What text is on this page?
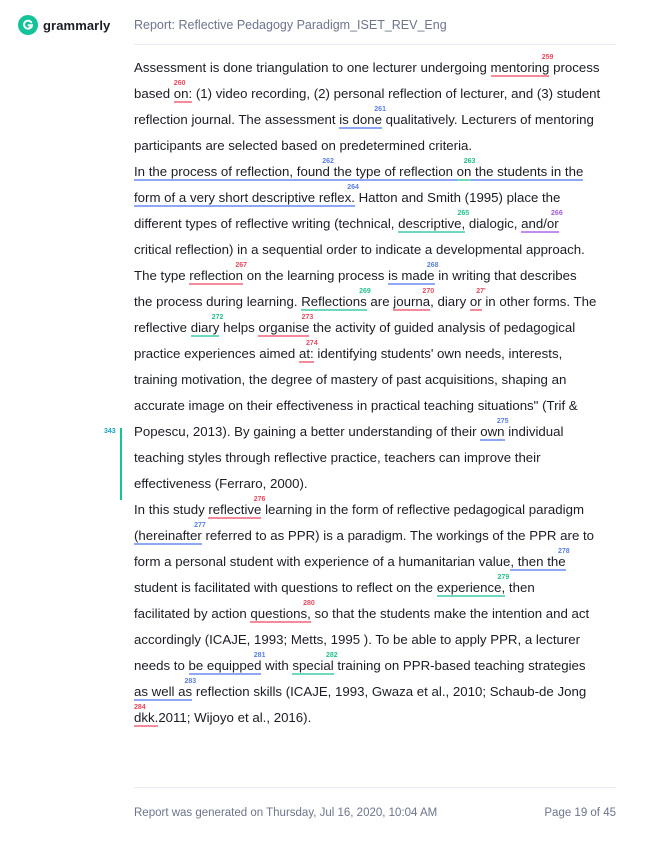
grammarly Report: Reflective Pedagogy Paradigm_ISET_REV_Eng
343
Assessment is done triangulation to one lecturer undergoing mentoring
259
process
based on:
260
(1) video recording, (2) personal reflection of lecturer, and (3) student
reflection journal. The assessment is done
261
qualitatively. Lecturers of mentoring
participants are selected based on predetermined criteria.
In the process of reflection, found
262
the type of reflection on
263
the students in the
form of a very short descriptive reflex.
264
Hatton and Smith (1995) place the
different types of reflective writing (technical, descriptive,
265
dialogic, and/or
266
critical reflection) in a sequential order to indicate a developmental approach.
The type reflection
267
on the learning process is made
268
in writing that describes
the process during learning. Reflections
269
are journa
270
, diary or
27'
in other forms. The
reflective diary
272
helps organise
273
the activity of guided analysis of pedagogical
practice experiences aimed at:
274
identifying students' own needs, interests,
training motivation, the degree of mastery of past acquisitions, shaping an
accurate image on their effectiveness in practical teaching situations" (Trif &
Popescu, 2013). By gaining a better understanding of their own
275
individual
teaching styles through reflective practice, teachers can improve their
effectiveness (Ferraro, 2000).
In this study reflective
276
learning in the form of reflective pedagogical paradigm
(hereinafter
277
referred to as PPR) is a paradigm. The workings of the PPR are to
form a personal student with experience of a humanitarian value, then the
278
student is facilitated with questions to reflect on the experience,
279
then
facilitated by action questions,
280
so that the students make the intention and act
accordingly (ICAJE, 1993; Metts, 1995 ). To be able to apply PPR, a lecturer
needs to be equipped
281
with special
282
training on PPR-based teaching strategies
as well as
283
reflection skills (ICAJE, 1993, Gwaza et al., 2010; Schaub-de Jong
dkk.
284
2011; Wijoyo et al., 2016).
Report was generated on Thursday, Jul 16, 2020, 10:04 AM	Page 19 of 45
